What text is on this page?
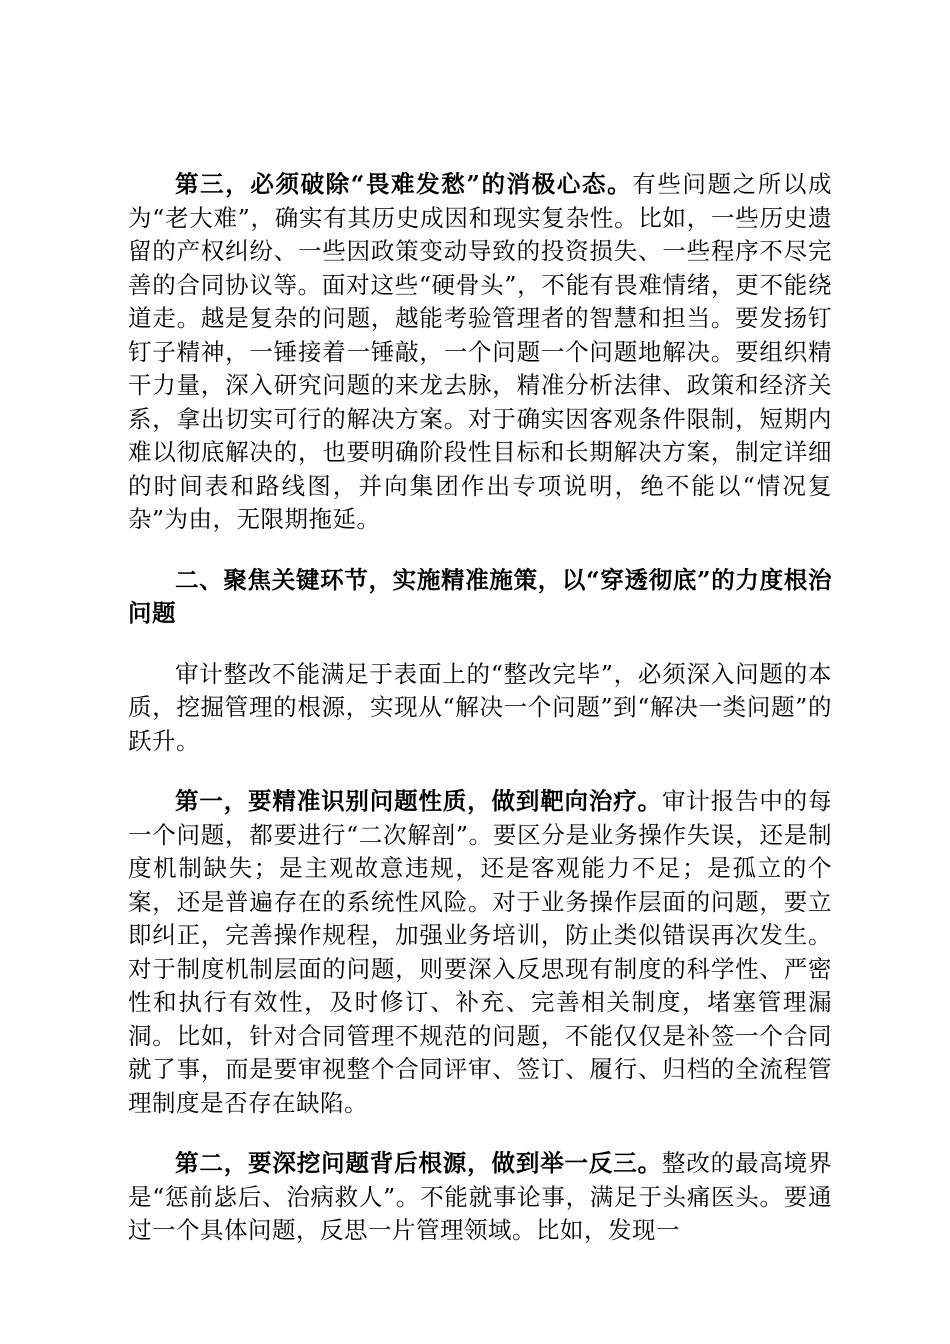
第三，必须破除“畏难发愁”的消极心态。有些问题之所以成为“老大难”，确实有其历史成因和现实复杂性。比如，一些历史遗留的产权纠纷、一些因政策变动导致的投资损失、一些程序不尽完善的合同协议等。面对这些“硬骨头”，不能有畏难情绪，更不能绕道走。越是复杂的问题，越能考验管理者的智慧和担当。要发扬钉钉子精神，一锤接着一锤敲，一个问题一个问题地解决。要组织精干力量，深入研究问题的来龙去脉，精准分析法律、政策和经济关系，拿出切实可行的解决方案。对于确实因客观条件限制，短期内难以彻底解决的，也要明确阶段性目标和长期解决方案，制定详细的时间表和路线图，并向集团作出专项说明，绝不能以“情况复杂”为由，无限期拖延。

二、聚焦关键环节，实施精准施策，以“穿透彻底”的力度根治问题

审计整改不能满足于表面上的“整改完毕”，必须深入问题的本质，挖掘管理的根源，实现从“解决一个问题”到“解决一类问题”的跃升。

第一，要精准识别问题性质，做到靶向治疗。审计报告中的每一个问题，都要进行“二次解剖”。要区分是业务操作失误，还是制度机制缺失；是主观故意违规，还是客观能力不足；是孤立的个案，还是普遍存在的系统性风险。对于业务操作层面的问题，要立即纠正，完善操作规程，加强业务培训，防止类似错误再次发生。对于制度机制层面的问题，则要深入反思现有制度的科学性、严密性和执行有效性，及时修订、补充、完善相关制度，堵塞管理漏洞。比如，针对合同管理不规范的问题，不能仅仅是补签一个合同就了事，而是要审视整个合同评审、签订、履行、归档的全流程管理制度是否存在缺陷。

第二，要深挖问题背后根源，做到举一反三。整改的最高境界是“惩前毖后、治病救人”。不能就事论事，满足于头痛医头。要通过一个具体问题，反思一片管理领域。比如，发现一
